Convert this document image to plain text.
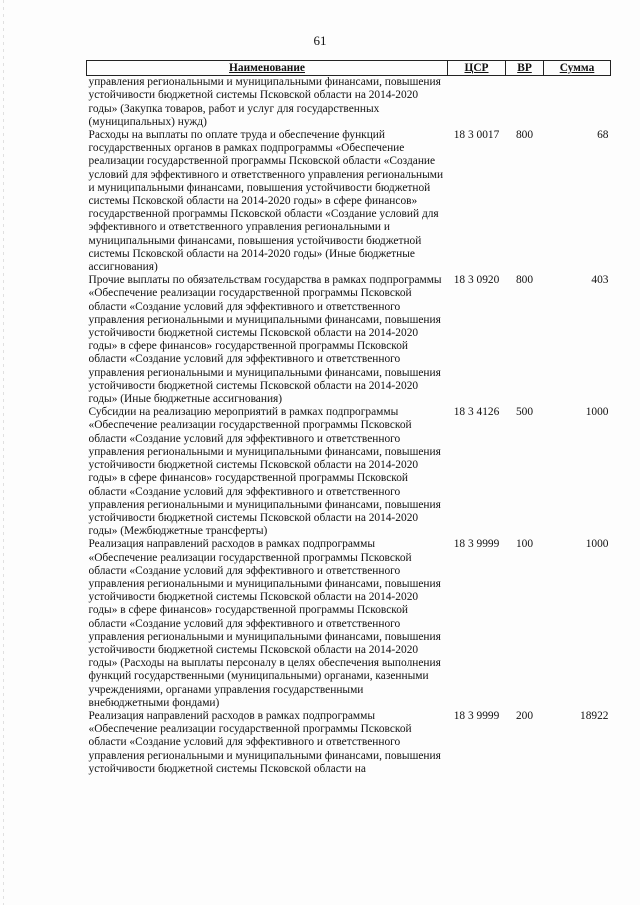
61
Наименование	ЦСР	ВР	Сумма
управления региональными и муниципальными финансами, повышения устойчивости бюджетной системы Псковской области на 2014-2020 годы» (Закупка товаров, работ и услуг для государственных (муниципальных) нужд)			
Расходы на выплаты по оплате труда и обеспечение функций государственных органов в рамках подпрограммы «Обеспечение реализации государственной программы Псковской области «Создание условий для эффективного и ответственного управления региональными и муниципальными финансами, повышения устойчивости бюджетной системы Псковской области на 2014-2020 годы» в сфере финансов» государственной программы Псковской области «Создание условий для эффективного и ответственного управления региональными и муниципальными финансами, повышения устойчивости бюджетной системы Псковской области на 2014-2020 годы» (Иные бюджетные ассигнования)	18 3 0017	800	68
Прочие выплаты по обязательствам государства в рамках подпрограммы «Обеспечение реализации государственной программы Псковской области «Создание условий для эффективного и ответственного управления региональными и муниципальными финансами, повышения устойчивости бюджетной системы Псковской области на 2014-2020 годы» в сфере финансов» государственной программы Псковской области «Создание условий для эффективного и ответственного управления региональными и муниципальными финансами, повышения устойчивости бюджетной системы Псковской области на 2014-2020 годы» (Иные бюджетные ассигнования)	18 3 0920	800	403
Субсидии на реализацию мероприятий в рамках подпрограммы «Обеспечение реализации государственной программы Псковской области «Создание условий для эффективного и ответственного управления региональными и муниципальными финансами, повышения устойчивости бюджетной системы Псковской области на 2014-2020 годы» в сфере финансов» государственной программы Псковской области «Создание условий для эффективного и ответственного управления региональными и муниципальными финансами, повышения устойчивости бюджетной системы Псковской области на 2014-2020 годы» (Межбюджетные трансферты)	18 3 4126	500	1000
Реализация направлений расходов в рамках подпрограммы «Обеспечение реализации государственной программы Псковской области «Создание условий для эффективного и ответственного управления региональными и муниципальными финансами, повышения устойчивости бюджетной системы Псковской области на 2014-2020 годы» в сфере финансов» государственной программы Псковской области «Создание условий для эффективного и ответственного управления региональными и муниципальными финансами, повышения устойчивости бюджетной системы Псковской области на 2014-2020 годы» (Расходы на выплаты персоналу в целях обеспечения выполнения функций государственными (муниципальными) органами, казенными учреждениями, органами управления государственными внебюджетными фондами)	18 3 9999	100	1000
Реализация направлений расходов в рамках подпрограммы «Обеспечение реализации государственной программы Псковской области «Создание условий для эффективного и ответственного управления региональными и муниципальными финансами, повышения устойчивости бюджетной системы Псковской области на	18 3 9999	200	18922
